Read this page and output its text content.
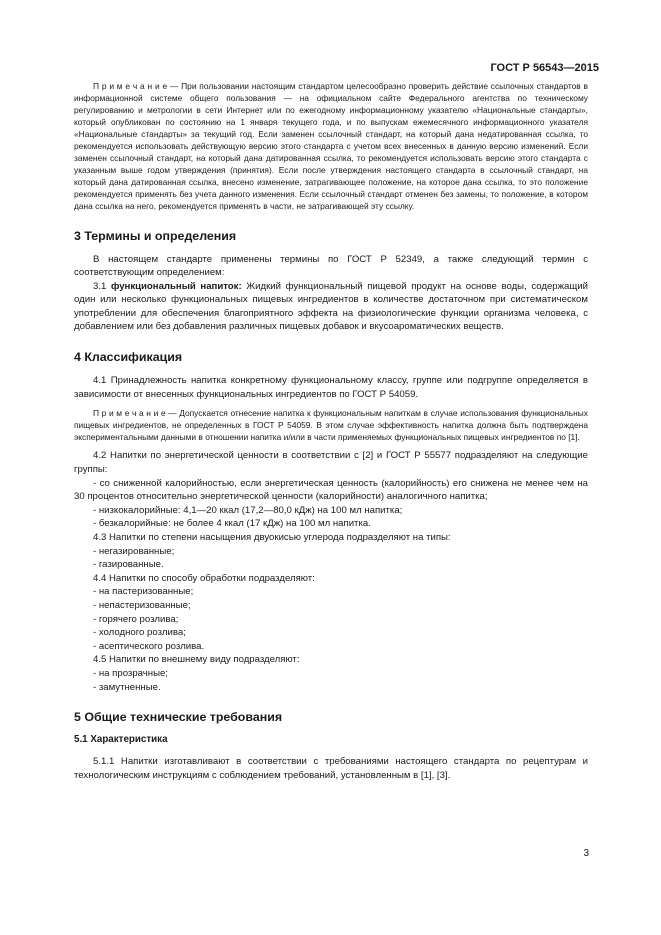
ГОСТ Р 56543—2015

П р и м е ч а н и е — При пользовании настоящим стандартом целесообразно проверить действие ссылочных стандартов в информационной системе общего пользования — на официальном сайте Федерального агентства по техническому регулированию и метрологии в сети Интернет или по ежегодному информационному указателю «Национальные стандарты», который опубликован по состоянию на 1 января текущего года, и по выпускам ежемесячного информационного указателя «Национальные стандарты» за текущий год. Если заменен ссылочный стандарт, на который дана недатированная ссылка, то рекомендуется использовать действующую версию этого стандарта с учетом всех внесенных в данную версию изменений. Если заменен ссылочный стандарт, на который дана датированная ссылка, то рекомендуется использовать версию этого стандарта с указанным выше годом утверждения (принятия). Если после утверждения настоящего стандарта в ссылочный стандарт, на который дана датированная ссылка, внесено изменение, затрагивающее положение, на которое дана ссылка, то это положение рекомендуется применять без учета данного изменения. Если ссылочный стандарт отменен без замены, то положение, в котором дана ссылка на него, рекомендуется применять в части, не затрагивающей эту ссылку.

3 Термины и определения

В настоящем стандарте применены термины по ГОСТ Р 52349, а также следующий термин с соответствующим определением:

3.1 функциональный напиток: Жидкий функциональный пищевой продукт на основе воды, содержащий один или несколько функциональных пищевых ингредиентов в количестве достаточном при систематическом употреблении для обеспечения благоприятного эффекта на физиологические функции организма человека, с добавлением или без добавления различных пищевых добавок и вкусоароматических веществ.

4 Классификация

4.1 Принадлежность напитка конкретному функциональному классу, группе или подгруппе определяется в зависимости от внесенных функциональных ингредиентов по ГОСТ Р 54059.

П р и м е ч а н и е — Допускается отнесение напитка к функциональным напиткам в случае использования функциональных пищевых ингредиентов, не определенных в ГОСТ Р 54059. В этом случае эффективность напитка должна быть подтверждена экспериментальными данными в отношении напитка и/или в части применяемых функциональных пищевых ингредиентов по [1].

4.2 Напитки по энергетической ценности в соответствии с [2] и ГОСТ Р 55577 подразделяют на следующие группы:

- со сниженной калорийностью, если энергетическая ценность (калорийность) его снижена не менее чем на 30 процентов относительно энергетической ценности (калорийности) аналогичного напитка;

- низкокалорийные: 4,1—20 ккал (17,2—80,0 кДж) на 100 мл напитка;

- безкалорийные: не более 4 ккал (17 кДж) на 100 мл напитка.

4.3 Напитки по степени насыщения двуокисью углерода подразделяют на типы:

- негазированные;

- газированные.

4.4 Напитки по способу обработки подразделяют:

- на пастеризованные;

- непастеризованные;

- горячего розлива;

- холодного розлива;

- асептического розлива.

4.5 Напитки по внешнему виду подразделяют:

- на прозрачные;

- замутненные.

5 Общие технические требования
5.1 Характеристика

5.1.1 Напитки изготавливают в соответствии с требованиями настоящего стандарта по рецептурам и технологическим инструкциям с соблюдением требований, установленным в [1], [3].

3
